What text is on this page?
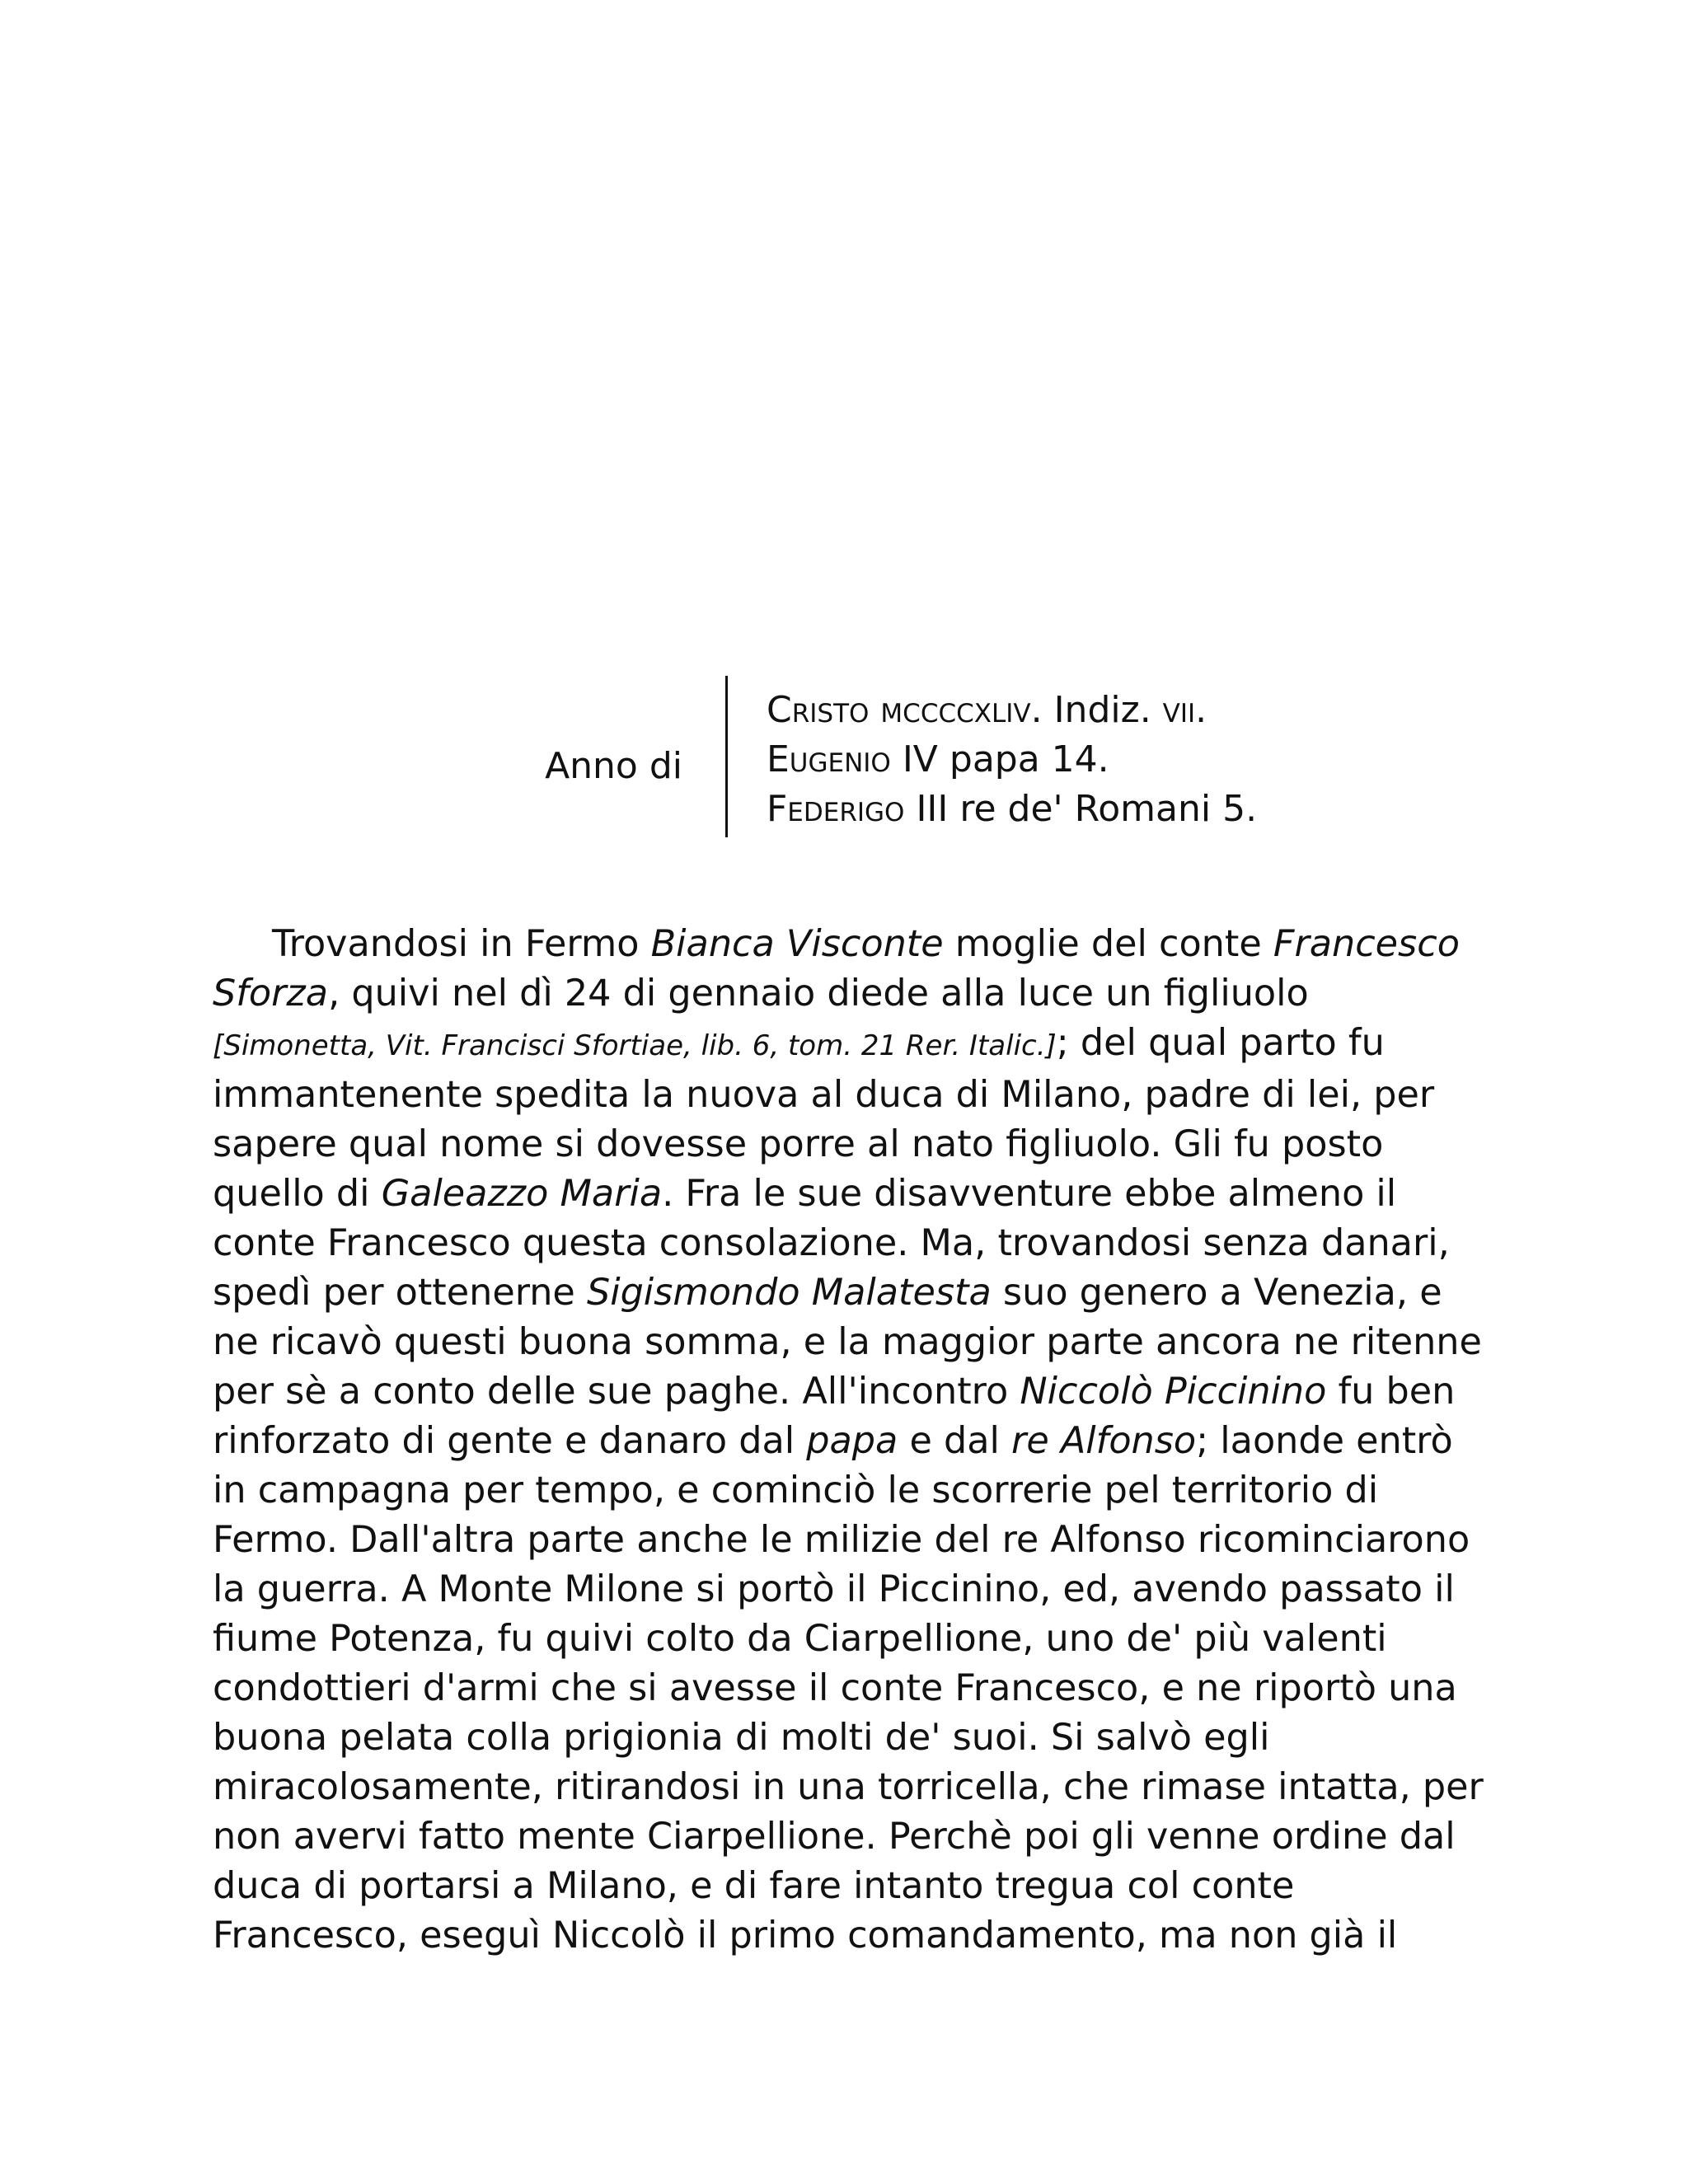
Anno di
Cristo mccccxliv. Indiz. vii.
Eugenio IV papa 14.
Federigo III re de' Romani 5.
Trovandosi in Fermo Bianca Visconte moglie del conte Francesco
Sforza, quivi nel dì 24 di gennaio diede alla luce un figliuolo
[Simonetta, Vit. Francisci Sfortiae, lib. 6, tom. 21 Rer. Italic.]; del qual parto fu
immantenente spedita la nuova al duca di Milano, padre di lei, per
sapere qual nome si dovesse porre al nato figliuolo. Gli fu posto
quello di Galeazzo Maria. Fra le sue disavventure ebbe almeno il
conte Francesco questa consolazione. Ma, trovandosi senza danari,
spedì per ottenerne Sigismondo Malatesta suo genero a Venezia, e
ne ricavò questi buona somma, e la maggior parte ancora ne ritenne
per sè a conto delle sue paghe. All'incontro Niccolò Piccinino fu ben
rinforzato di gente e danaro dal papa e dal re Alfonso; laonde entrò
in campagna per tempo, e cominciò le scorrerie pel territorio di
Fermo. Dall'altra parte anche le milizie del re Alfonso ricominciarono
la guerra. A Monte Milone si portò il Piccinino, ed, avendo passato il
fiume Potenza, fu quivi colto da Ciarpellione, uno de' più valenti
condottieri d'armi che si avesse il conte Francesco, e ne riportò una
buona pelata colla prigionia di molti de' suoi. Si salvò egli
miracolosamente, ritirandosi in una torricella, che rimase intatta, per
non avervi fatto mente Ciarpellione. Perchè poi gli venne ordine dal
duca di portarsi a Milano, e di fare intanto tregua col conte
Francesco, eseguì Niccolò il primo comandamento, ma non già il
